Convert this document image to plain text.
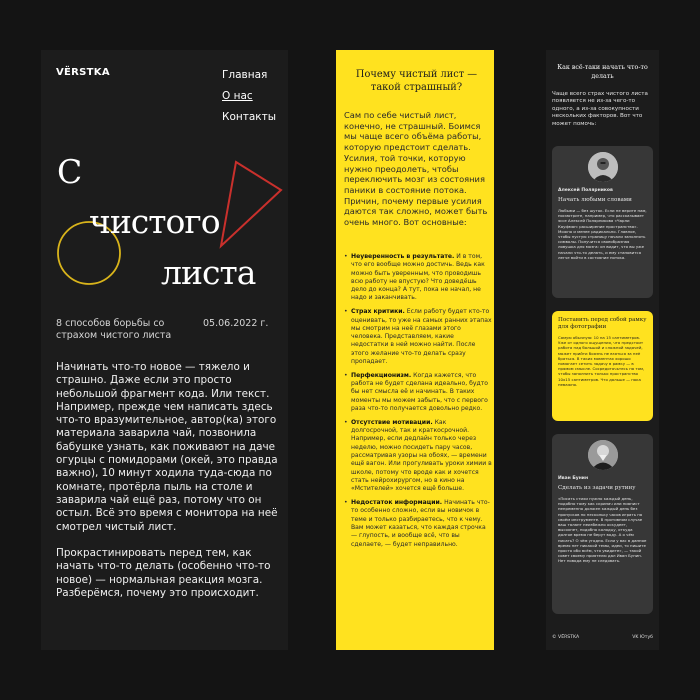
VËRSTKA	Главная
О нас
Контакты
С
чистого
листа
8 способов борьбы со страхом чистого листа
05.06.2022 г.

Начинать что-то новое — тяжело и страшно. Даже если это просто небольшой фрагмент кода. Или текст. Например, прежде чем написать здесь что-то вразумительное, автор(ка) этого материала заварила чай, позвонила бабушке узнать, как поживают на даче огурцы с помидорами (окей, это правда важно), 10 минут ходила туда-сюда по комнате, протёрла пыль на столе и заварила чай ещё раз, потому что он остыл. Всё это время с монитора на неё смотрел чистый лист.

Прокрастинировать перед тем, как начать что-то делать (особенно что-то новое) — нормальная реакция мозга. Разберёмся, почему это происходит.

Почему чистый лист — такой страшный?
Сам по себе чистый лист, конечно, не страшный. Боимся мы чаще всего объёма работы, которую предстоит сделать. Усилия, той точки, которую нужно преодолеть, чтобы переключить мозг из состояния паники в состояние потока. Причин, почему первые усилия даются так сложно, может быть очень много. Вот основные:
• Неуверенность в результате. И в том, что его вообще можно достичь. Ведь как можно быть уверенным, что проводишь всю работу не впустую? Что доведёшь дело до конца? А тут, пока не начал, не надо и заканчивать.
• Страх критики. Если работу будет кто-то оценивать, то уже на самых ранних этапах мы смотрим на неё глазами этого человека. Представляем, какие недостатки в ней можно найти. После этого желание что-то делать сразу пропадает.
• Перфекционизм. Когда кажется, что работа не будет сделана идеально, будто бы нет смысла её и начинать. В таких моменты мы можем забыть, что с первого раза что-то получается довольно редко.
• Отсутствие мотивации. Как долгосрочной, так и краткосрочной. Например, если дедлайн только через неделю, можно посидеть пару часов, рассматривая узоры на обоях, — времени ещё вагон. Или прогуливать уроки химии в школе, потому что вроде как и хочется стать нейрохирургом, но в кино на «Мстителей» хочется ещё больше.
• Недостаток информации. Начинать что-то особенно сложно, если вы новичок в теме и только разбираетесь, что к чему. Вам может казаться, что каждая строчка — глупость, и вообще всё, что вы сделаете, — будет неправильно.
Как всё-таки начать что-то делать
Чаще всего страх чистого листа появляется не из-за чего-то одного, а из-за совокупности нескольких факторов. Вот что может помочь:
Алексей Полярников
Начать любыми словами
Любыми — без шуток. Если не верите нам, посмотрите, например, что рассказывает эссе Алексей Полярникова «Чарли Кауфман: расширение пространства». Можно и менее радикально. Главное, чтобы пустую страницу начали заполнять символы. Получится своеобразная ловушка для мозга: он видит, что вы уже начали что-то делать, и ему становится легче войти в состояние потока.
Поставить перед собой рамку для фотографии
Самую обычную: 10 на 15 сантиметров. Уже от одного ощущения, что предстоит работа над большой и сложной задачей, может прийти боязнь не взяться за неё браться. В таких моментах хорошо помогает сетить задачу в рамку — в прямом смысле. Сосредоточьтесь на том, чтобы заполнить только пространство 10х15 сантиметров. Что дальше — пока неважно.
Иван Бунин
Сделать из задачи рутину
«Писать стихи нужно каждый день, подобно тому как скрипач или пианист непременно должен каждый день без пропусков по нескольку часов играть на своём инструменте. В противном случае ваш талант неизбежно оскудеет, высохнет, подобно колодцу, откуда долгое время не берут воду. А о чём писать? О чём угодно. Если у вас в данное время нет никакой темы, идеи, то пишите просто обо всём, что увидите», — такой совет своему приятелю дал Иван Бунин. Нет повода ему не следовать.
© VËRSTKA	VK Ютуб
